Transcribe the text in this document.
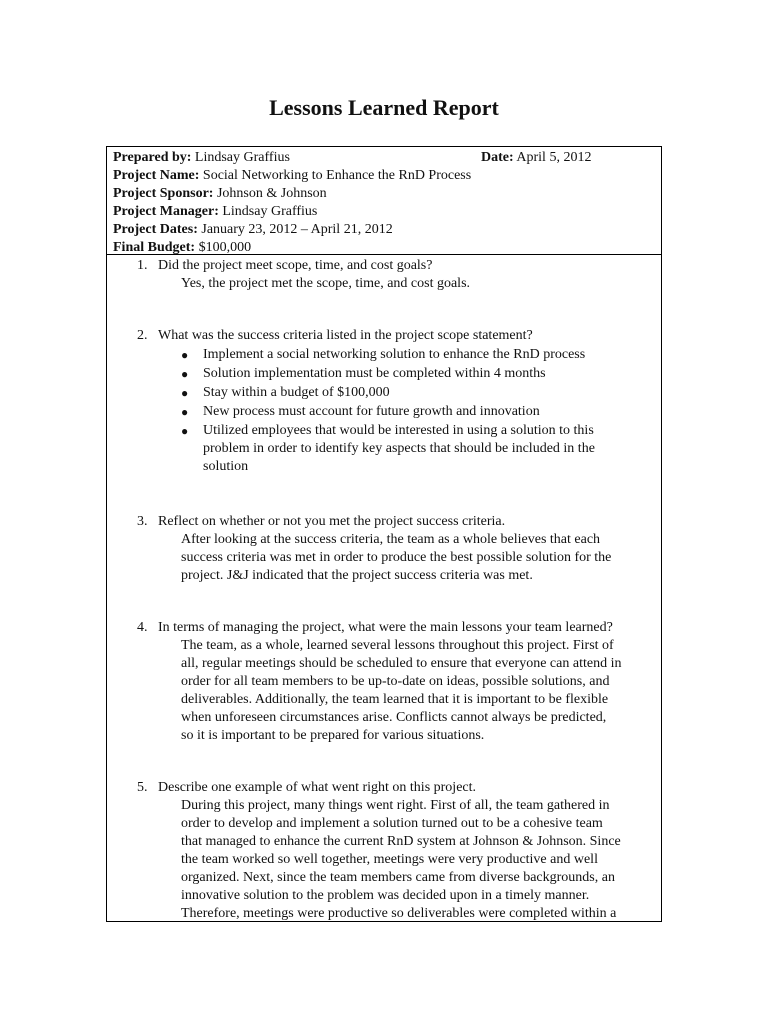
Lessons Learned Report
Prepared by: Lindsay Graffius	Date: April 5, 2012
Project Name: Social Networking to Enhance the RnD Process
Project Sponsor: Johnson & Johnson
Project Manager: Lindsay Graffius
Project Dates: January 23, 2012 – April 21, 2012
Final Budget: $100,000
1. Did the project meet scope, time, and cost goals?
Yes, the project met the scope, time, and cost goals.
2. What was the success criteria listed in the project scope statement?
● Implement a social networking solution to enhance the RnD process
● Solution implementation must be completed within 4 months
● Stay within a budget of $100,000
● New process must account for future growth and innovation
● Utilized employees that would be interested in using a solution to this problem in order to identify key aspects that should be included in the solution
3. Reflect on whether or not you met the project success criteria.
After looking at the success criteria, the team as a whole believes that each
success criteria was met in order to produce the best possible solution for the
project. J&J indicated that the project success criteria was met.
4. In terms of managing the project, what were the main lessons your team learned?
The team, as a whole, learned several lessons throughout this project. First of
all, regular meetings should be scheduled to ensure that everyone can attend in
order for all team members to be up-to-date on ideas, possible solutions, and
deliverables. Additionally, the team learned that it is important to be flexible
when unforeseen circumstances arise. Conflicts cannot always be predicted,
so it is important to be prepared for various situations.
5. Describe one example of what went right on this project.
During this project, many things went right. First of all, the team gathered in
order to develop and implement a solution turned out to be a cohesive team
that managed to enhance the current RnD system at Johnson & Johnson. Since
the team worked so well together, meetings were very productive and well
organized. Next, since the team members came from diverse backgrounds, an
innovative solution to the problem was decided upon in a timely manner.
Therefore, meetings were productive so deliverables were completed within a
